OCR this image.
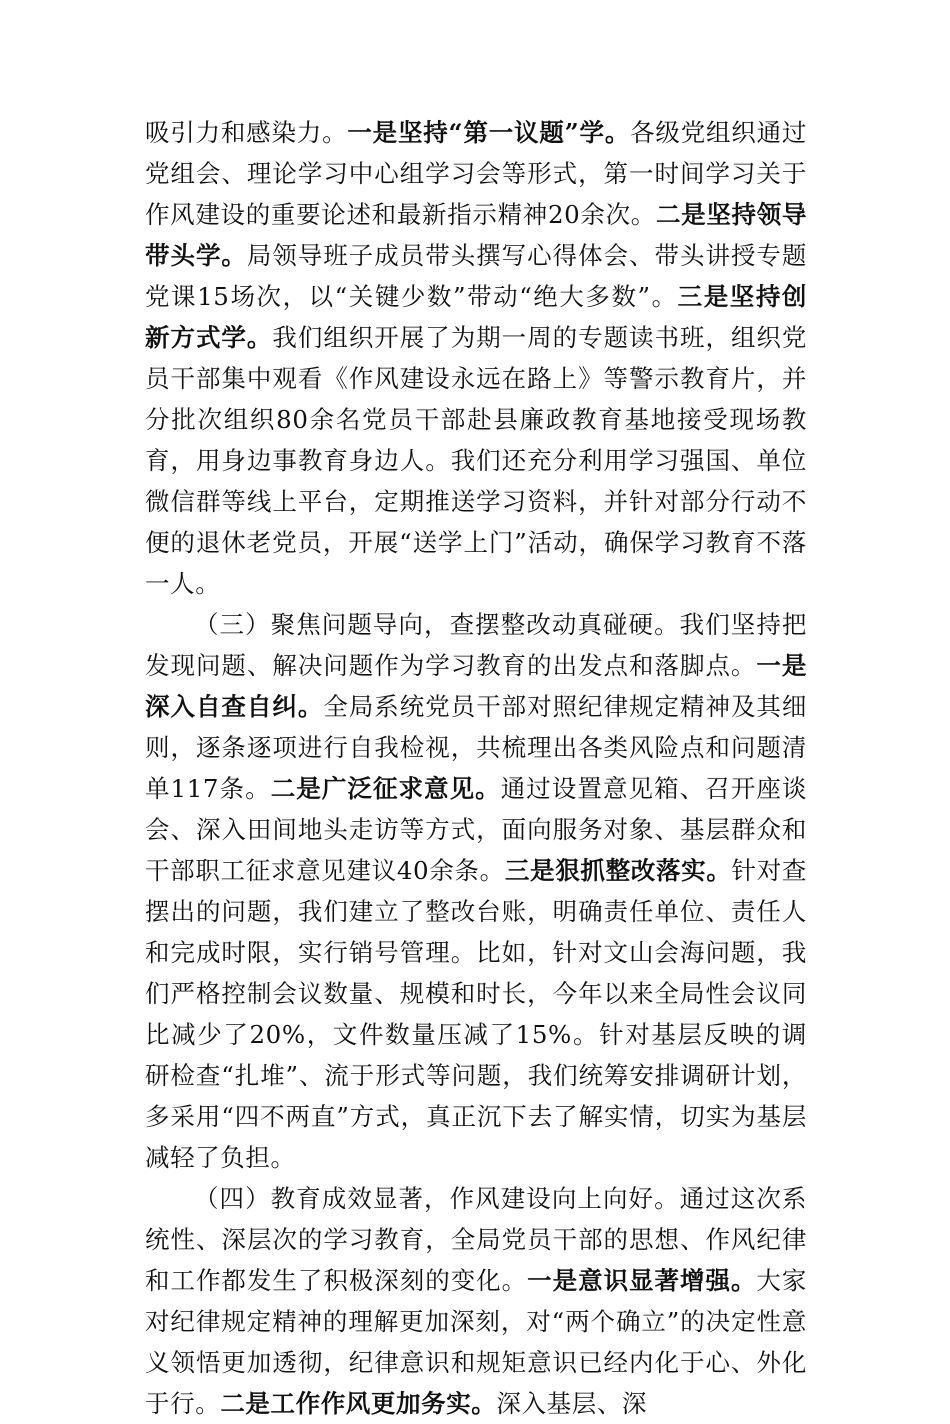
吸引力和感染力。一是坚持“第一议题”学。各级党组织通过党组会、理论学习中心组学习会等形式，第一时间学习关于作风建设的重要论述和最新指示精神20余次。二是坚持领导带头学。局领导班子成员带头撰写心得体会、带头讲授专题党课15场次，以“关键少数”带动“绝大多数”。三是坚持创新方式学。我们组织开展了为期一周的专题读书班，组织党员干部集中观看《作风建设永远在路上》等警示教育片，并分批次组织80余名党员干部赴县廉政教育基地接受现场教育，用身边事教育身边人。我们还充分利用学习强国、单位微信群等线上平台，定期推送学习资料，并针对部分行动不便的退休老党员，开展“送学上门”活动，确保学习教育不落一人。

（三）聚焦问题导向，查摆整改动真碰硬。我们坚持把发现问题、解决问题作为学习教育的出发点和落脚点。一是深入自查自纠。全局系统党员干部对照纪律规定精神及其细则，逐条逐项进行自我检视，共梳理出各类风险点和问题清单117条。二是广泛征求意见。通过设置意见箱、召开座谈会、深入田间地头走访等方式，面向服务对象、基层群众和干部职工征求意见建议40余条。三是狠抓整改落实。针对查摆出的问题，我们建立了整改台账，明确责任单位、责任人和完成时限，实行销号管理。比如，针对文山会海问题，我们严格控制会议数量、规模和时长，今年以来全局性会议同比减少了20%，文件数量压减了15%。针对基层反映的调研检查“扎堆”、流于形式等问题，我们统筹安排调研计划，多采用“四不两直”方式，真正沉下去了解实情，切实为基层减轻了负担。

（四）教育成效显著，作风建设向上向好。通过这次系统性、深层次的学习教育，全局党员干部的思想、作风纪律和工作都发生了积极深刻的变化。一是意识显著增强。大家对纪律规定精神的理解更加深刻，对“两个确立”的决定性意义领悟更加透彻，纪律意识和规矩意识已经内化于心、外化于行。二是工作作风更加务实。深入基层、深
